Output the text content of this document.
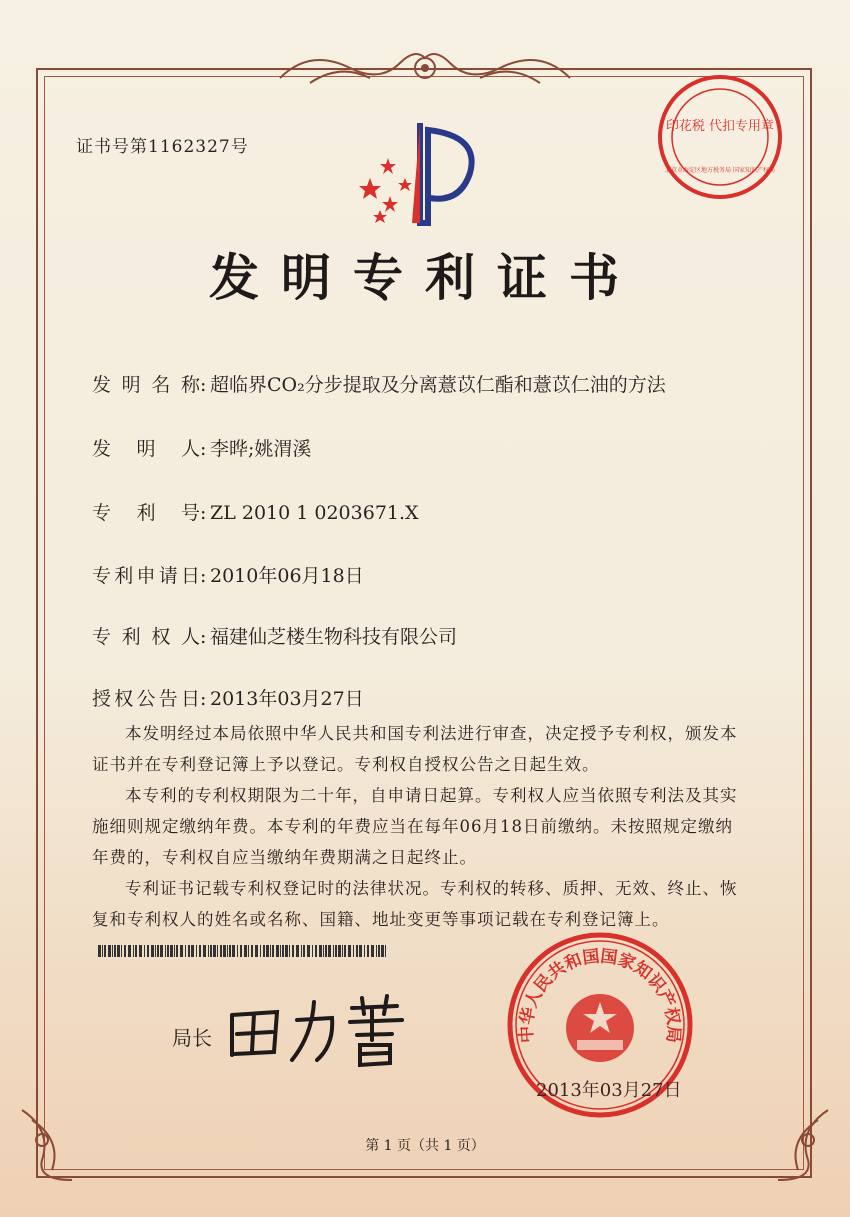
证书号第1162327号
印花税 代扣专用章
北京市海淀区地方税务局 国家知识产权局
发明专利证书
发明名称: 超临界CO₂分步提取及分离薏苡仁酯和薏苡仁油的方法
发明人: 李晔;姚渭溪
专利号: ZL 2010 1 0203671.X
专利申请日: 2010年06月18日
专利权人: 福建仙芝楼生物科技有限公司
授权公告日: 2013年03月27日

本发明经过本局依照中华人民共和国专利法进行审查，决定授予专利权，颁发本证书并在专利登记簿上予以登记。专利权自授权公告之日起生效。

本专利的专利权期限为二十年，自申请日起算。专利权人应当依照专利法及其实施细则规定缴纳年费。本专利的年费应当在每年06月18日前缴纳。未按照规定缴纳年费的，专利权自应当缴纳年费期满之日起终止。

专利证书记载专利权登记时的法律状况。专利权的转移、质押、无效、终止、恢复和专利权人的姓名或名称、国籍、地址变更等事项记载在专利登记簿上。

局长	中华人民共和国国家知识产权局
2013年03月27日
第 1 页（共 1 页）
